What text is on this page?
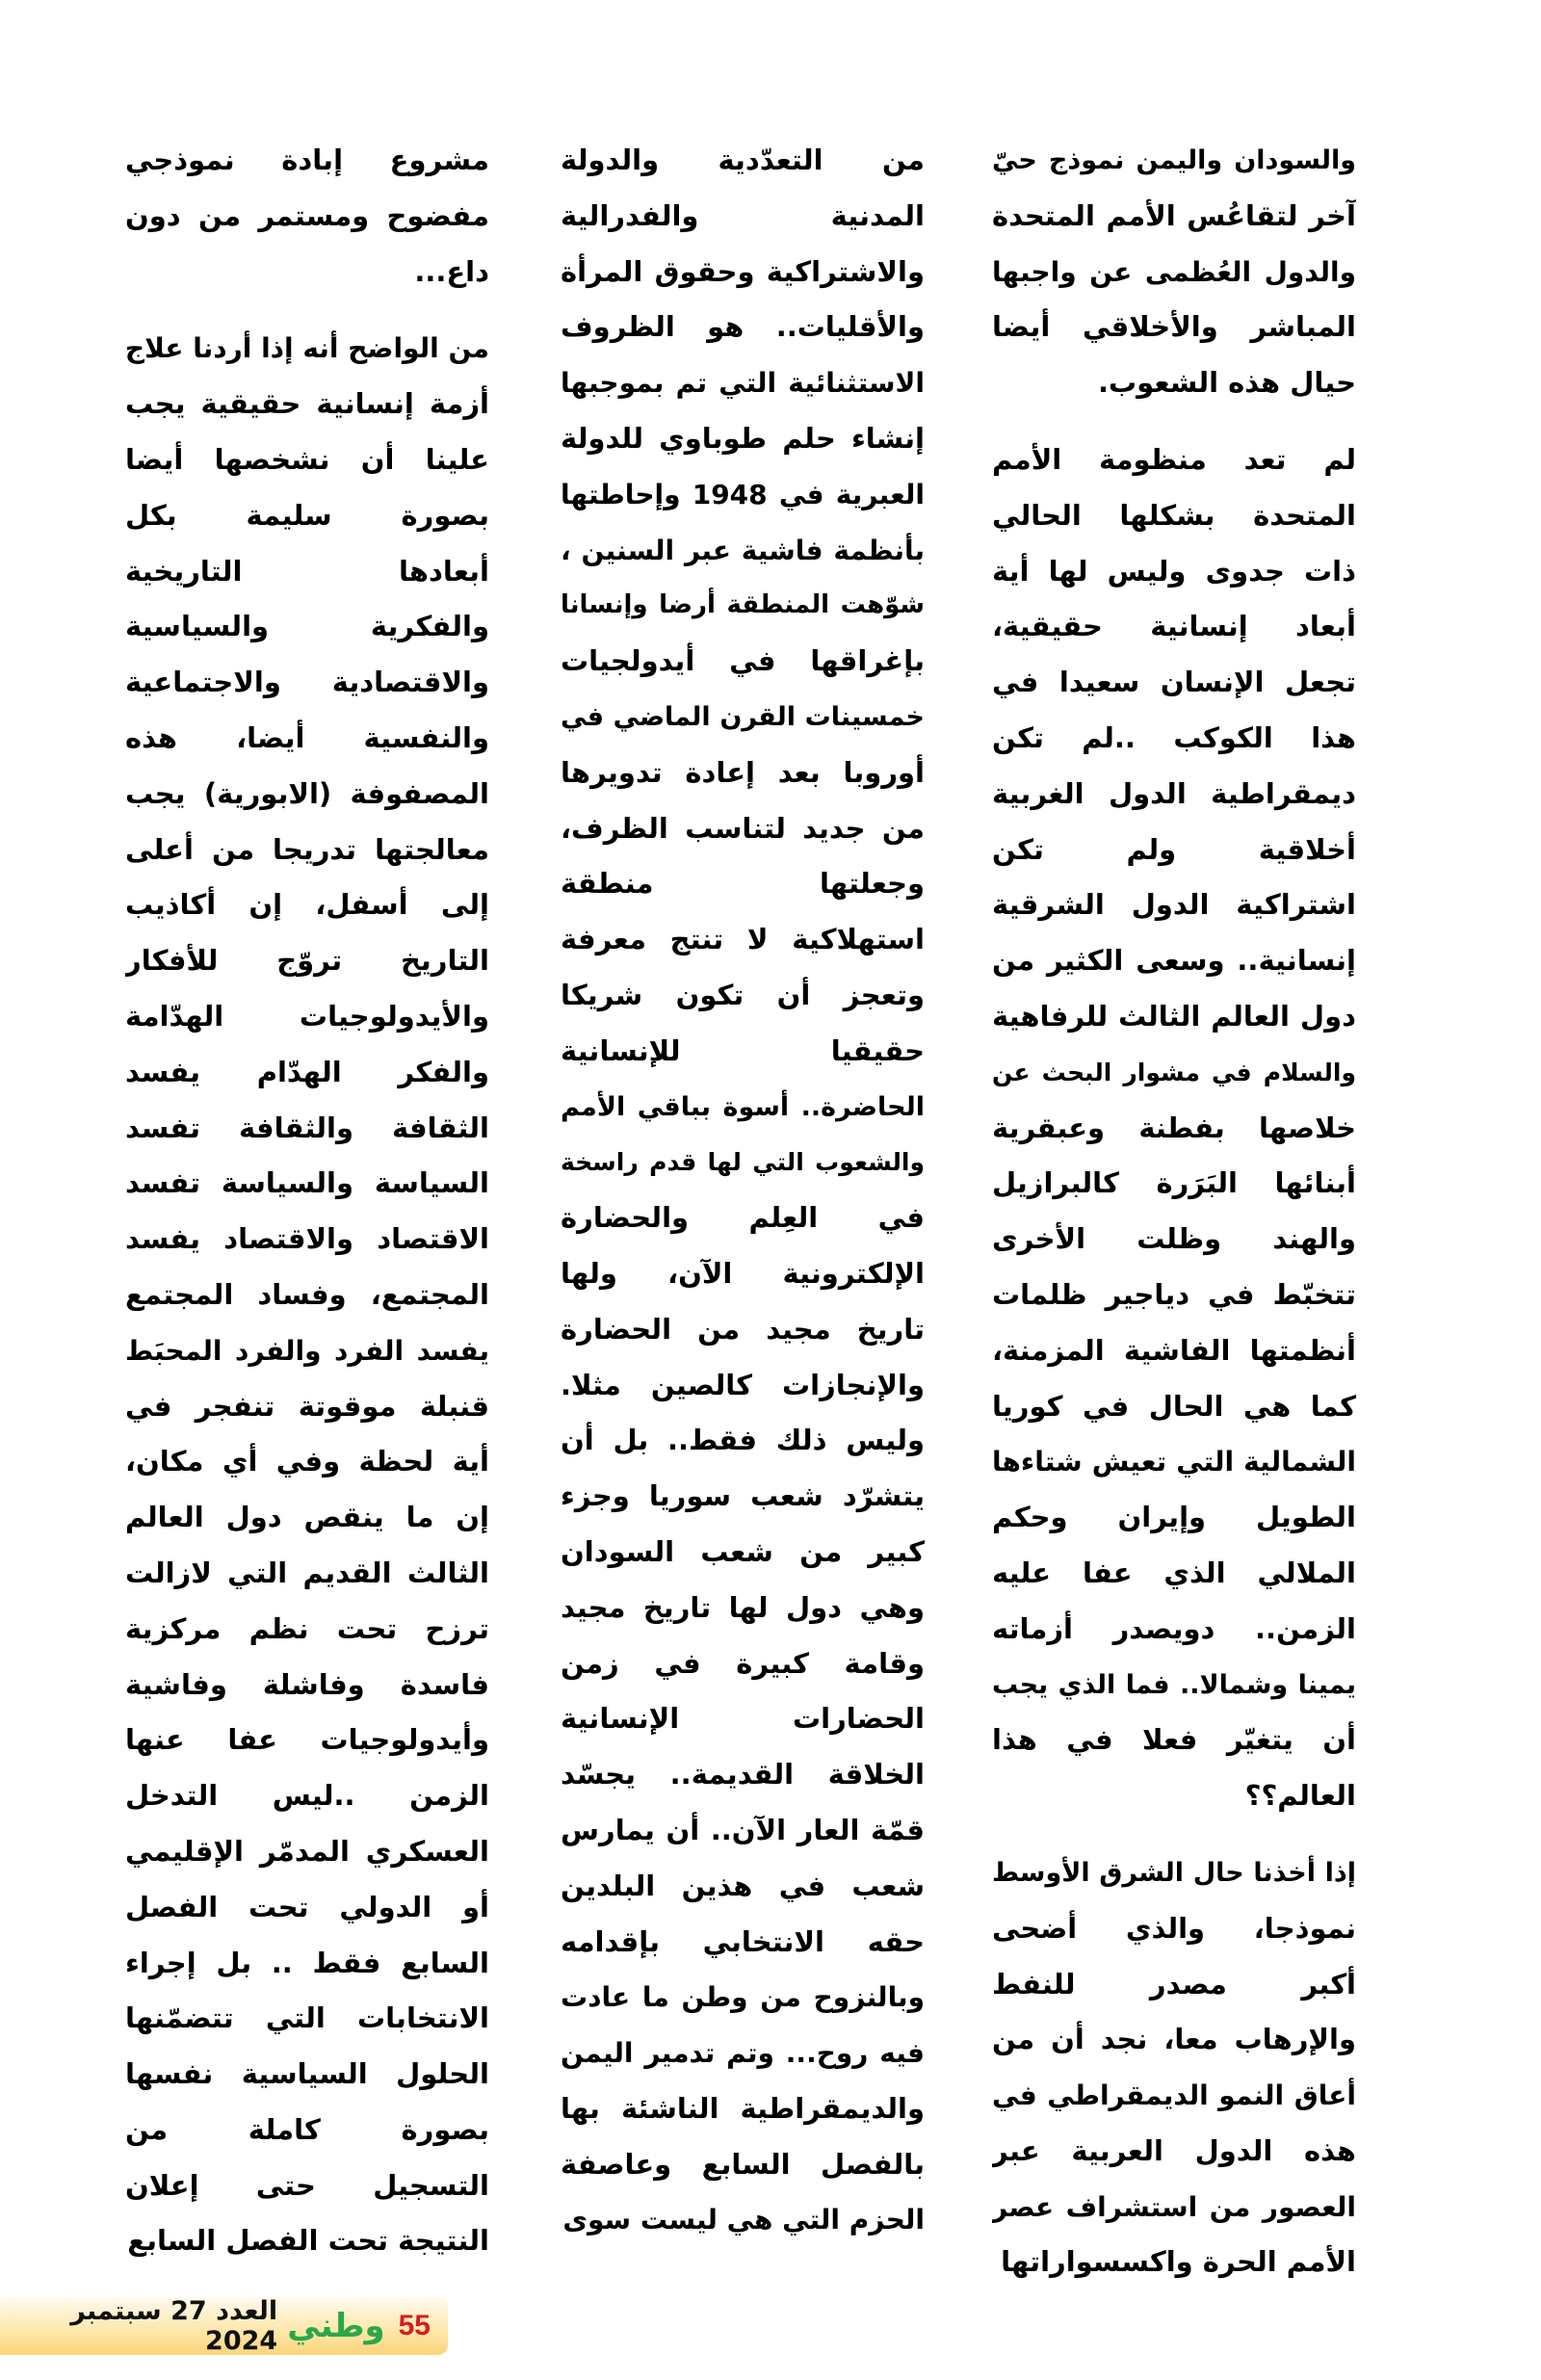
والسودان واليمن نموذج حيّ
آخر لتقاعُس الأمم المتحدة
والدول العُظمى عن واجبها
المباشر والأخلاقي أيضا
حيال هذه الشعوب.
لم تعد منظومة الأمم
المتحدة بشكلها الحالي
ذات جدوى وليس لها أية
أبعاد إنسانية حقيقية،
تجعل الإنسان سعيدا في
هذا الكوكب ..لم تكن
ديمقراطية الدول الغربية
أخلاقية ولم تكن
اشتراكية الدول الشرقية
إنسانية.. وسعى الكثير من
دول العالم الثالث للرفاهية
والسلام في مشوار البحث عن
خلاصها بفطنة وعبقرية
أبنائها البَرَرة كالبرازيل
والهند وظلت الأخرى
تتخبّط في دياجير ظلمات
أنظمتها الفاشية المزمنة،
كما هي الحال في كوريا
الشمالية التي تعيش شتاءها
الطويل وإيران وحكم
الملالي الذي عفا عليه
الزمن.. دويصدر أزماته
يمينا وشمالا.. فما الذي يجب
أن يتغيّر فعلا في هذا
العالم؟؟
إذا أخذنا حال الشرق الأوسط
نموذجا، والذي أضحى
أكبر مصدر للنفط
والإرهاب معا، نجد أن من
أعاق النمو الديمقراطي في
هذه الدول العربية عبر
العصور من استشراف عصر
الأمم الحرة واكسسواراتها
من التعدّدية والدولة
المدنية والفدرالية
والاشتراكية وحقوق المرأة
والأقليات.. هو الظروف
الاستثنائية التي تم بموجبها
إنشاء حلم طوباوي للدولة
العبرية في 1948 وإحاطتها
بأنظمة فاشية عبر السنين ،
شوّهت المنطقة أرضا وإنسانا
بإغراقها في أيدولجيات
خمسينات القرن الماضي في
أوروبا بعد إعادة تدويرها
من جديد لتناسب الظرف،
وجعلتها منطقة
استهلاكية لا تنتج معرفة
وتعجز أن تكون شريكا
حقيقيا للإنسانية
الحاضرة.. أسوة بباقي الأمم
والشعوب التي لها قدم راسخة
في العِلم والحضارة
الإلكترونية الآن، ولها
تاريخ مجيد من الحضارة
والإنجازات كالصين مثلا.
وليس ذلك فقط.. بل أن
يتشرّد شعب سوريا وجزء
كبير من شعب السودان
وهي دول لها تاريخ مجيد
وقامة كبيرة في زمن
الحضارات الإنسانية
الخلاقة القديمة.. يجسّد
قمّة العار الآن.. أن يمارس
شعب في هذين البلدين
حقه الانتخابي بإقدامه
وبالنزوح من وطن ما عادت
فيه روح... وتم تدمير اليمن
والديمقراطية الناشئة بها
بالفصل السابع وعاصفة
الحزم التي هي ليست سوى
مشروع إبادة نموذجي
مفضوح ومستمر من دون
داع...
من الواضح أنه إذا أردنا علاج
أزمة إنسانية حقيقية يجب
علينا أن نشخصها أيضا
بصورة سليمة بكل
أبعادها التاريخية
والفكرية والسياسية
والاقتصادية والاجتماعية
والنفسية أيضا، هذه
المصفوفة (الابورية) يجب
معالجتها تدريجا من أعلى
إلى أسفل، إن أكاذيب
التاريخ تروّج للأفكار
والأيدولوجيات الهدّامة
والفكر الهدّام يفسد
الثقافة والثقافة تفسد
السياسة والسياسة تفسد
الاقتصاد والاقتصاد يفسد
المجتمع، وفساد المجتمع
يفسد الفرد والفرد المحبَط
قنبلة موقوتة تنفجر في
أية لحظة وفي أي مكان،
إن ما ينقص دول العالم
الثالث القديم التي لازالت
ترزح تحت نظم مركزية
فاسدة وفاشلة وفاشية
وأيدولوجيات عفا عنها
الزمن ..ليس التدخل
العسكري المدمّر الإقليمي
أو الدولي تحت الفصل
السابع فقط .. بل إجراء
الانتخابات التي تتضمّنها
الحلول السياسية نفسها
بصورة كاملة من
التسجيل حتى إعلان
النتيجة تحت الفصل السابع
55
وطني
العدد 27 سبتمبر 2024
